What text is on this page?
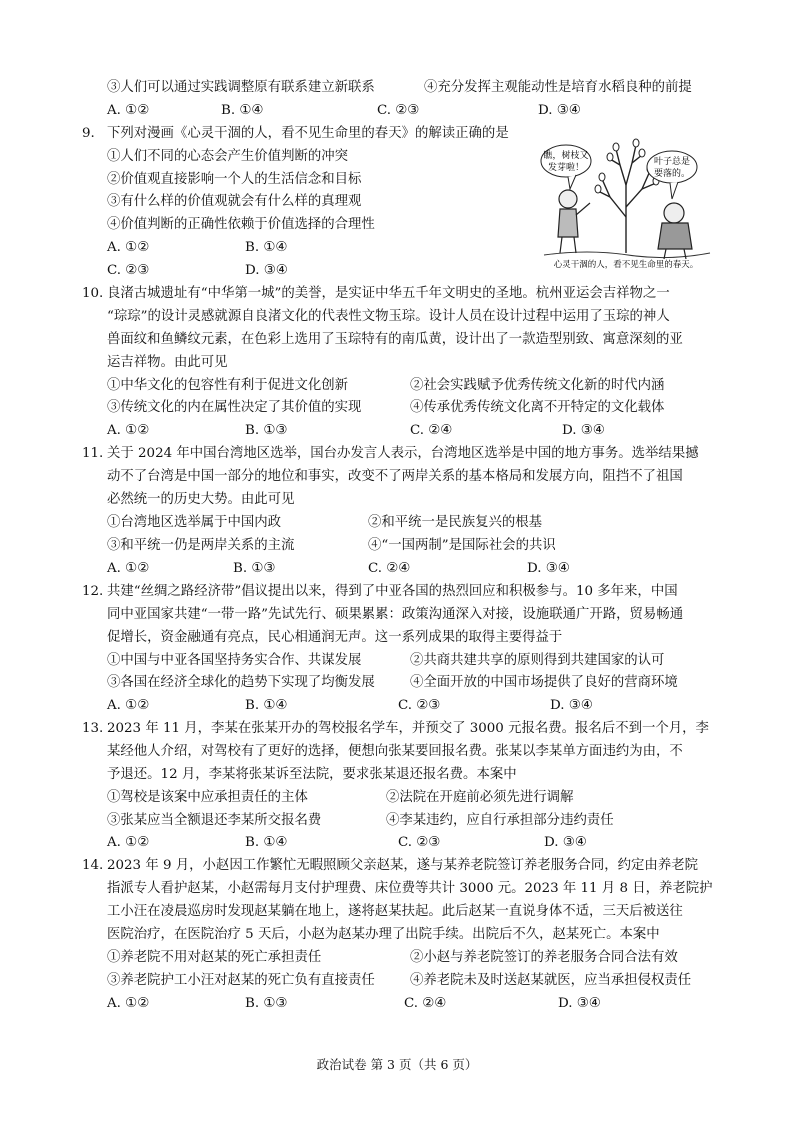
③人们可以通过实践调整原有联系建立新联系	④充分发挥主观能动性是培育水稻良种的前提
A. ①②	B. ①④	C. ②③	D. ③④
9. 下列对漫画《心灵干涸的人，看不见生命里的春天》的解读正确的是
①人们不同的心态会产生价值判断的冲突
②价值观直接影响一个人的生活信念和目标
③有什么样的价值观就会有什么样的真理观
④价值判断的正确性依赖于价值选择的合理性
A. ①②	B. ①④
C. ②③	D. ③④
瞧，树枝又
发芽啦！
叶子总是
要落的。
心灵干涸的人，看不见生命里的春天。
10. 良渚古城遗址有“中华第一城”的美誉，是实证中华五千年文明史的圣地。杭州亚运会吉祥物之一
“琮琮”的设计灵感就源自良渚文化的代表性文物玉琮。设计人员在设计过程中运用了玉琮的神人
兽面纹和鱼鳞纹元素，在色彩上选用了玉琮特有的南瓜黄，设计出了一款造型别致、寓意深刻的亚
运吉祥物。由此可见
①中华文化的包容性有利于促进文化创新	②社会实践赋予优秀传统文化新的时代内涵
③传统文化的内在属性决定了其价值的实现	④传承优秀传统文化离不开特定的文化载体
A. ①②	B. ①③	C. ②④	D. ③④
11. 关于 2024 年中国台湾地区选举，国台办发言人表示，台湾地区选举是中国的地方事务。选举结果撼
动不了台湾是中国一部分的地位和事实，改变不了两岸关系的基本格局和发展方向，阻挡不了祖国
必然统一的历史大势。由此可见
①台湾地区选举属于中国内政	②和平统一是民族复兴的根基
③和平统一仍是两岸关系的主流	④“一国两制”是国际社会的共识
A. ①②	B. ①③	C. ②④	D. ③④
12. 共建“丝绸之路经济带”倡议提出以来，得到了中亚各国的热烈回应和积极参与。10 多年来，中国
同中亚国家共建“一带一路”先试先行、硕果累累：政策沟通深入对接，设施联通广开路，贸易畅通
促增长，资金融通有亮点，民心相通润无声。这一系列成果的取得主要得益于
①中国与中亚各国坚持务实合作、共谋发展	②共商共建共享的原则得到共建国家的认可
③各国在经济全球化的趋势下实现了均衡发展	④全面开放的中国市场提供了良好的营商环境
A. ①②	B. ①④	C. ②③	D. ③④
13. 2023 年 11 月，李某在张某开办的驾校报名学车，并预交了 3000 元报名费。报名后不到一个月，李
某经他人介绍，对驾校有了更好的选择，便想向张某要回报名费。张某以李某单方面违约为由，不
予退还。12 月，李某将张某诉至法院，要求张某退还报名费。本案中
①驾校是该案中应承担责任的主体	②法院在开庭前必须先进行调解
③张某应当全额退还李某所交报名费	④李某违约，应自行承担部分违约责任
A. ①②	B. ①④	C. ②③	D. ③④
14. 2023 年 9 月，小赵因工作繁忙无暇照顾父亲赵某，遂与某养老院签订养老服务合同，约定由养老院
指派专人看护赵某，小赵需每月支付护理费、床位费等共计 3000 元。2023 年 11 月 8 日，养老院护
工小汪在凌晨巡房时发现赵某躺在地上，遂将赵某扶起。此后赵某一直说身体不适，三天后被送往
医院治疗，在医院治疗 5 天后，小赵为赵某办理了出院手续。出院后不久，赵某死亡。本案中
①养老院不用对赵某的死亡承担责任	②小赵与养老院签订的养老服务合同合法有效
③养老院护工小汪对赵某的死亡负有直接责任	④养老院未及时送赵某就医，应当承担侵权责任
A. ①②	B. ①③	C. ②④	D. ③④
政治试卷 第 3 页（共 6 页）
